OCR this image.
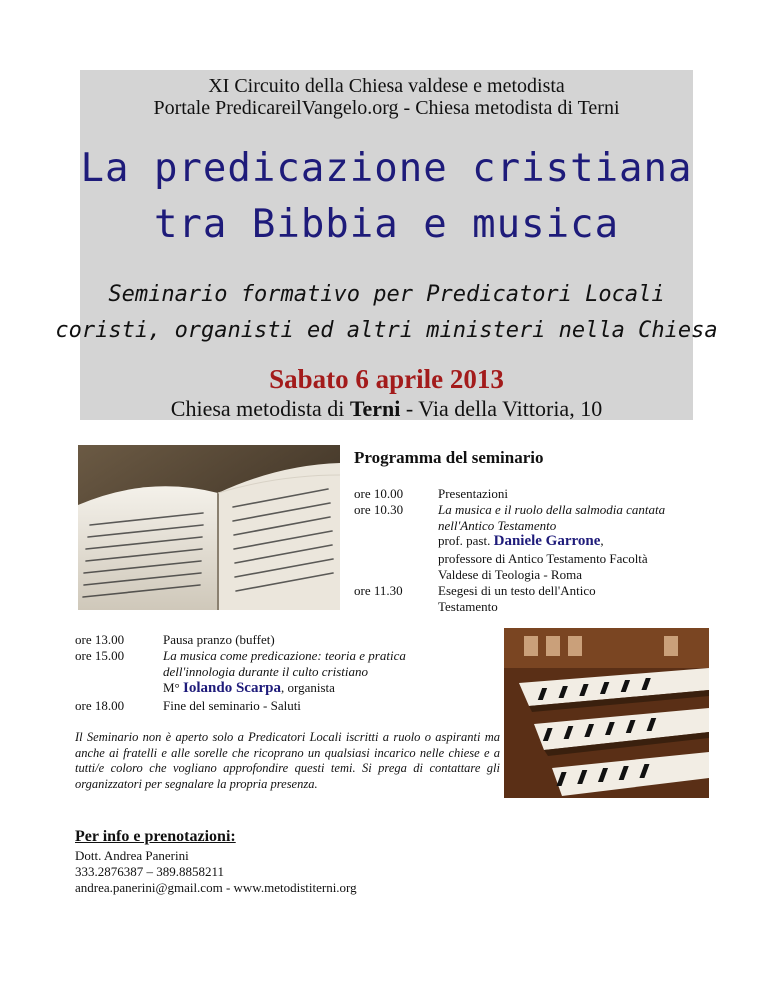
XI Circuito della Chiesa valdese e metodista
Portale PredicareilVangelo.org - Chiesa metodista di Terni
La predicazione cristiana
tra Bibbia e musica
Seminario formativo per Predicatori Locali
coristi, organisti ed altri ministeri nella Chiesa
Sabato 6 aprile 2013
Chiesa metodista di Terni - Via della Vittoria, 10
Programma del seminario
ore 10.00	Presentazioni
ore 10.30	La musica e il ruolo della salmodia cantata
nell'Antico Testamento
prof. past. Daniele Garrone,
professore di Antico Testamento Facoltà
Valdese di Teologia - Roma
ore 11.30	Esegesi di un testo dell'Antico
Testamento
ore 13.00	Pausa pranzo (buffet)
ore 15.00	La musica come predicazione: teoria e pratica
dell'innologia durante il culto cristiano
M° Iolando Scarpa, organista
ore 18.00	Fine del seminario - Saluti
Il Seminario non è aperto solo a Predicatori Locali iscritti a ruolo o aspiranti ma anche ai fratelli e alle sorelle che ricoprano un qualsiasi incarico nelle chiese e a tutti/e coloro che vogliano approfondire questi temi. Si prega di contattare gli organizzatori per segnalare la propria presenza.
Per info e prenotazioni:
Dott. Andrea Panerini
333.2876387 – 389.8858211
andrea.panerini@gmail.com - www.metodistiterni.org
